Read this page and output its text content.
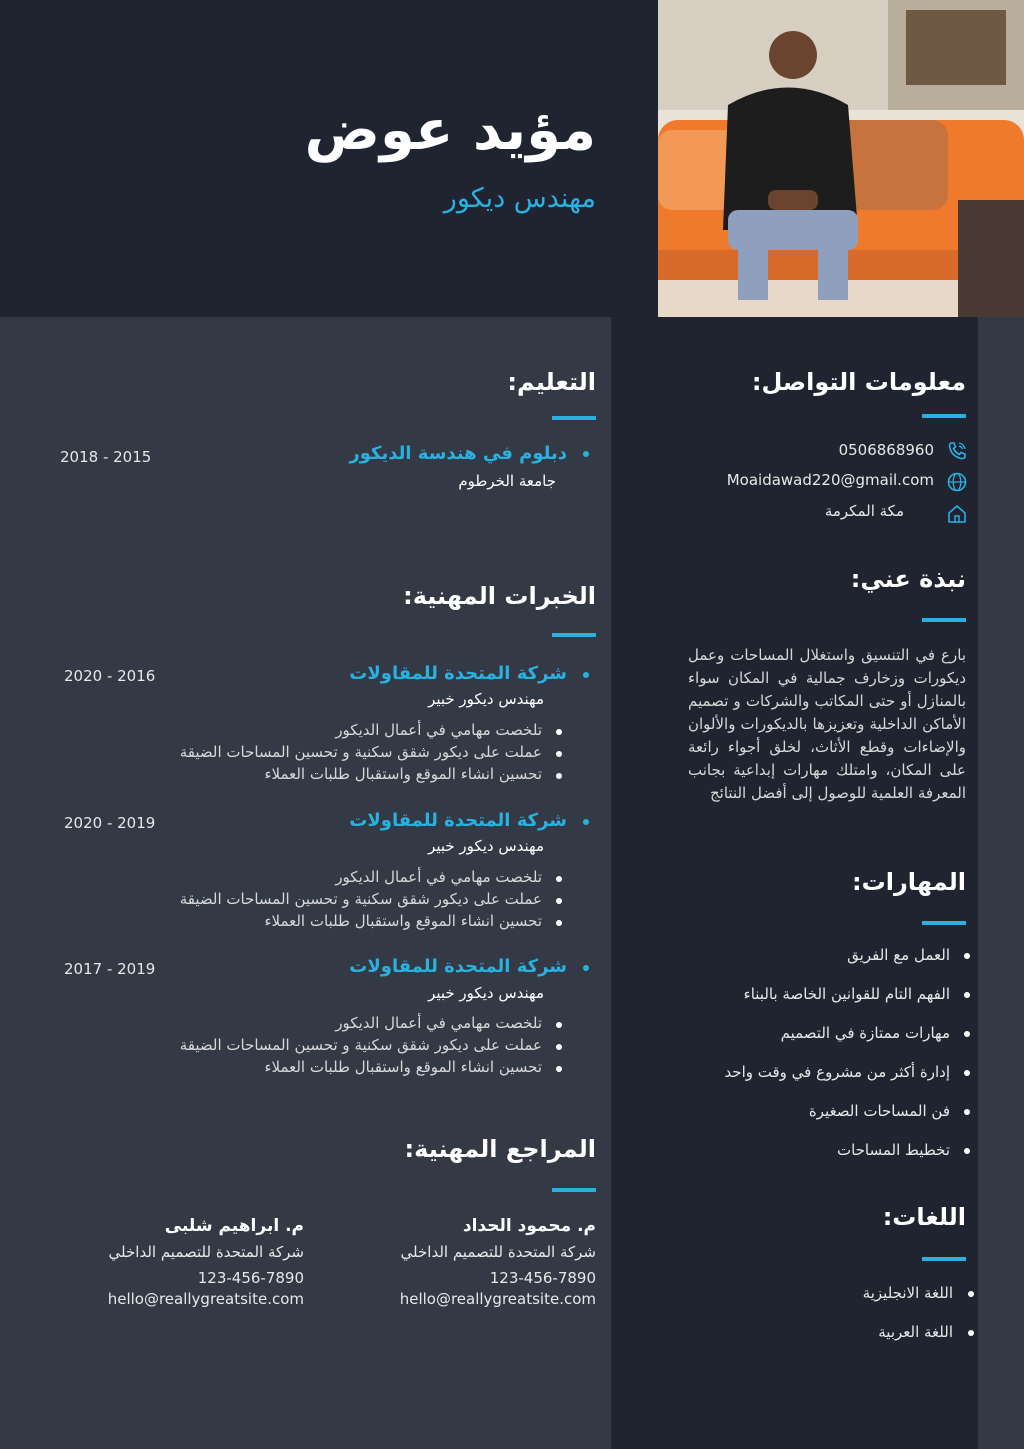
مؤيد عوض
مهندس ديكور
معلومات التواصل:
0506868960
Moaidawad220@gmail.com
مكة المكرمة
نبذة عني:
بارع في التنسيق واستغلال المساحات وعمل ديكورات وزخارف جمالية في المكان سواء بالمنازل أو حتى المكاتب والشركات و تصميم الأماكن الداخلية وتعزيزها بالديكورات والألوان والإضاءات وقطع الأثاث، لخلق أجواء رائعة على المكان، وامتلك مهارات إبداعية بجانب المعرفة العلمية للوصول إلى أفضل النتائج
المهارات:
العمل مع الفريق
الفهم التام للقوانين الخاصة بالبناء
مهارات ممتازة في التصميم
إدارة أكثر من مشروع في وقت واحد
فن المساحات الصغيرة
تخطيط المساحات
اللغات:
اللغة الانجليزية
اللغة العربية
التعليم:
دبلوم في هندسة الديكور
جامعة الخرطوم
2018 - 2015
الخبرات المهنية:
شركة المتحدة للمقاولات
2020 - 2016
مهندس ديكور خبير
تلخصت مهامي في أعمال الديكور
عملت على ديكور شقق سكنية و تحسين المساحات الضيقة
تحسين انشاء الموقع واستقبال طلبات العملاء
شركة المتحدة للمقاولات
2020 - 2019
مهندس ديكور خبير
تلخصت مهامي في أعمال الديكور
عملت على ديكور شقق سكنية و تحسين المساحات الضيقة
تحسين انشاء الموقع واستقبال طلبات العملاء
شركة المتحدة للمقاولات
2017 - 2019
مهندس ديكور خبير
تلخصت مهامي في أعمال الديكور
عملت على ديكور شقق سكنية و تحسين المساحات الضيقة
تحسين انشاء الموقع واستقبال طلبات العملاء
المراجع المهنية:
م. محمود الحداد
شركة المتحدة للتصميم الداخلي
123-456-7890
hello@reallygreatsite.com
م. ابراهيم شلبى
شركة المتحدة للتصميم الداخلي
123-456-7890
hello@reallygreatsite.com
